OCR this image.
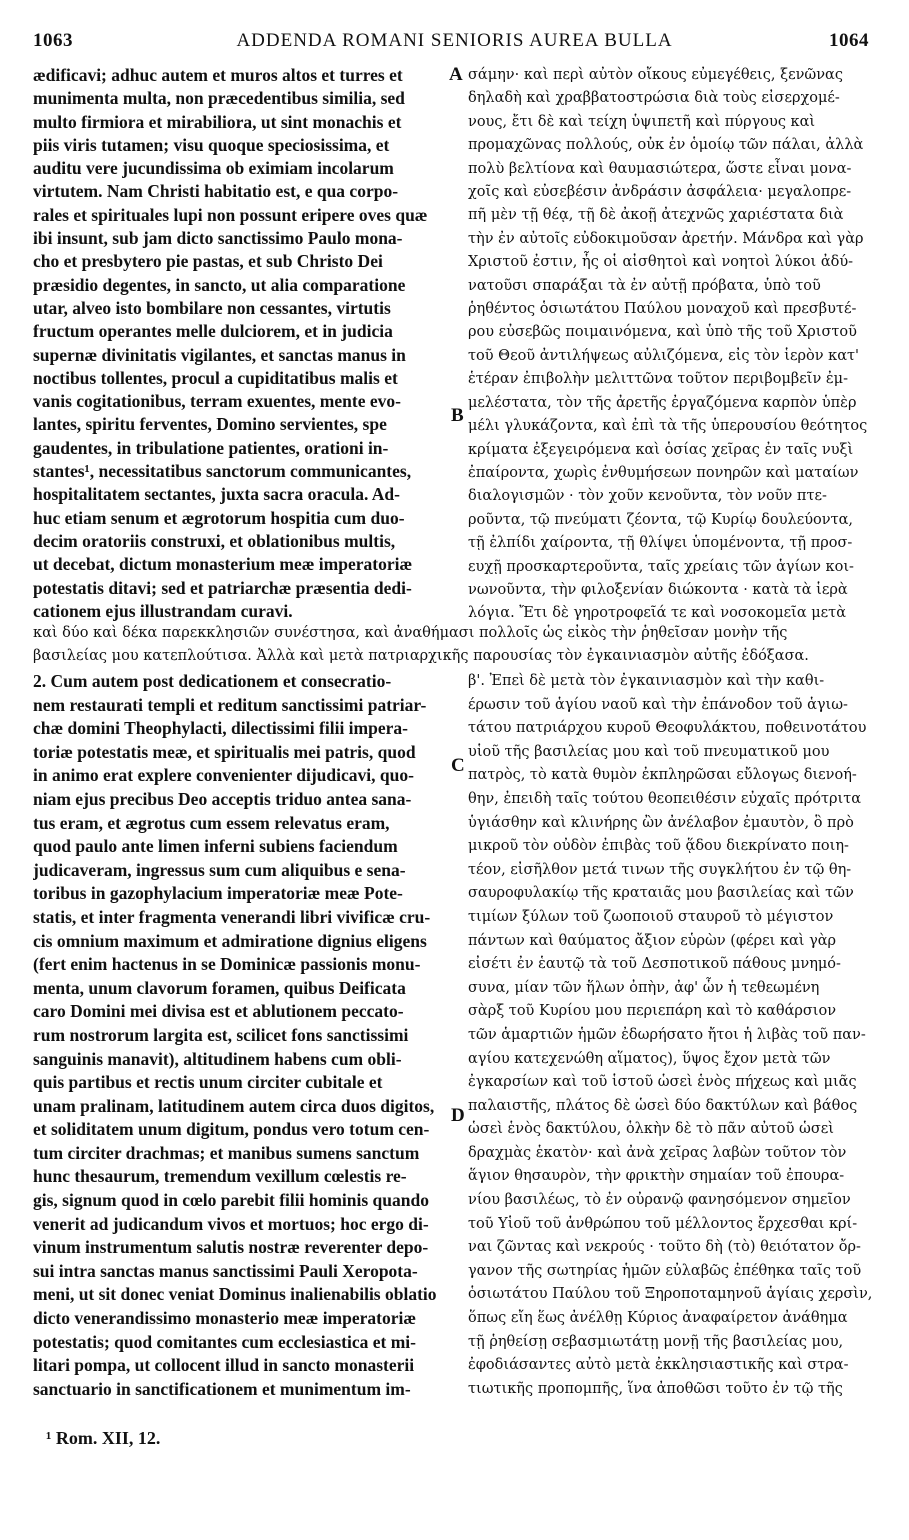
1063	ADDENDA ROMANI SENIORIS AUREA BULLA	1064
A
B
C
D
ædificavi; adhuc autem et muros altos et turres et
munimenta multa, non præcedentibus similia, sed
multo firmiora et mirabiliora, ut sint monachis et
piis viris tutamen; visu quoque speciosissima, et
auditu vere jucundissima ob eximiam incolarum
virtutem. Nam Christi habitatio est, e qua corpo-
rales et spirituales lupi non possunt eripere oves quæ
ibi insunt, sub jam dicto sanctissimo Paulo mona-
cho et presbytero pie pastas, et sub Christo Dei
præsidio degentes, in sancto, ut alia comparatione
utar, alveo isto bombilare non cessantes, virtutis
fructum operantes melle dulciorem, et in judicia
supernæ divinitatis vigilantes, et sanctas manus in
noctibus tollentes, procul a cupiditatibus malis et
vanis cogitationibus, terram exuentes, mente evo-
lantes, spiritu ferventes, Domino servientes, spe
gaudentes, in tribulatione patientes, orationi in-
stantes¹, necessitatibus sanctorum communicantes,
hospitalitatem sectantes, juxta sacra oracula. Ad-
huc etiam senum et ægrotorum hospitia cum duo-
decim oratoriis construxi, et oblationibus multis,
ut decebat, dictum monasterium meæ imperatoriæ
potestatis ditavi; sed et patriarchæ præsentia dedi-
cationem ejus illustrandam curavi.
σάμην· καὶ περὶ αὐτὸν οἴκους εὐμεγέθεις, ξενῶνας
δηλαδὴ καὶ χραββατοστρώσια διὰ τοὺς εἰσερχομέ-
νους, ἔτι δὲ καὶ τείχη ὑψιπετῆ καὶ πύργους καὶ
προμαχῶνας πολλούς, οὐκ ἐν ὁμοίῳ τῶν πάλαι, ἀλλὰ
πολὺ βελτίονα καὶ θαυμασιώτερα, ὥστε εἶναι μονα-
χοῖς καὶ εὐσεβέσιν ἀνδράσιν ἀσφάλεια· μεγαλοπρε-
πῆ μὲν τῇ θέᾳ, τῇ δὲ ἀκοῇ ἀτεχνῶς χαριέστατα διὰ
τὴν ἐν αὐτοῖς εὐδοκιμοῦσαν ἀρετήν. Μάνδρα καὶ γὰρ
Χριστοῦ ἐστιν, ἧς οἱ αἰσθητοὶ καὶ νοητοὶ λύκοι ἀδύ-
νατοῦσι σπαράξαι τὰ ἐν αὐτῇ πρόβατα, ὑπὸ τοῦ
ῥηθέντος ὁσιωτάτου Παύλου μοναχοῦ καὶ πρεσβυτέ-
ρου εὐσεβῶς ποιμαινόμενα, καὶ ὑπὸ τῆς τοῦ Χριστοῦ
τοῦ Θεοῦ ἀντιλήψεως αὐλιζόμενα, εἰς τὸν ἱερὸν κατ'
ἑτέραν ἐπιβολὴν μελιττῶνα τοῦτον περιβομβεῖν ἐμ-
μελέστατα, τὸν τῆς ἀρετῆς ἐργαζόμενα καρπὸν ὑπὲρ
μέλι γλυκάζοντα, καὶ ἐπὶ τὰ τῆς ὑπερουσίου θεότητος
κρίματα ἐξεγειρόμενα καὶ ὁσίας χεῖρας ἐν ταῖς νυξὶ
ἐπαίροντα, χωρὶς ἐνθυμήσεων πονηρῶν καὶ ματαίων
διαλογισμῶν · τὸν χοῦν κενοῦντα, τὸν νοῦν πτε-
ροῦντα, τῷ πνεύματι ζέοντα, τῷ Κυρίῳ δουλεύοντα,
τῇ ἐλπίδι χαίροντα, τῇ θλίψει ὑπομένοντα, τῇ προσ-
ευχῇ προσκαρτεροῦντα, ταῖς χρείαις τῶν ἁγίων κοι-
νωνοῦντα, τὴν φιλοξενίαν διώκοντα · κατὰ τὰ ἱερὰ
λόγια. Ἔτι δὲ γηροτροφεῖά τε καὶ νοσοκομεῖα μετὰ
καὶ δύο καὶ δέκα παρεκκλησιῶν συνέστησα, καὶ ἀναθήμασι πολλοῖς ὡς εἰκὸς τὴν ῥηθεῖσαν μονὴν τῆς
βασιλείας μου κατεπλούτισα. Ἀλλὰ καὶ μετὰ πατριαρχικῆς παρουσίας τὸν ἐγκαινιασμὸν αὐτῆς ἐδόξασα.
2. Cum autem post dedicationem et consecratio-
nem restaurati templi et reditum sanctissimi patriar-
chæ domini Theophylacti, dilectissimi filii impera-
toriæ potestatis meæ, et spiritualis mei patris, quod
in animo erat explere convenienter dijudicavi, quo-
niam ejus precibus Deo acceptis triduo antea sana-
tus eram, et ægrotus cum essem relevatus eram,
quod paulo ante limen inferni subiens faciendum
judicaveram, ingressus sum cum aliquibus e sena-
toribus in gazophylacium imperatoriæ meæ Pote-
statis, et inter fragmenta venerandi libri vivificæ cru-
cis omnium maximum et admiratione dignius eligens
(fert enim hactenus in se Dominicæ passionis monu-
menta, unum clavorum foramen, quibus Deificata
caro Domini mei divisa est et ablutionem peccato-
rum nostrorum largita est, scilicet fons sanctissimi
sanguinis manavit), altitudinem habens cum obli-
quis partibus et rectis unum circiter cubitale et
unam pralinam, latitudinem autem circa duos digitos,
et soliditatem unum digitum, pondus vero totum cen-
tum circiter drachmas; et manibus sumens sanctum
hunc thesaurum, tremendum vexillum cœlestis re-
gis, signum quod in cœlo parebit filii hominis quando
venerit ad judicandum vivos et mortuos; hoc ergo di-
vinum instrumentum salutis nostræ reverenter depo-
sui intra sanctas manus sanctissimi Pauli Xeropota-
meni, ut sit donec veniat Dominus inalienabilis oblatio
dicto venerandissimo monasterio meæ imperatoriæ
potestatis; quod comitantes cum ecclesiastica et mi-
litari pompa, ut collocent illud in sancto monasterii
sanctuario in sanctificationem et munimentum im-
β'. Ἐπεὶ δὲ μετὰ τὸν ἐγκαινιασμὸν καὶ τὴν καθι-
έρωσιν τοῦ ἁγίου ναοῦ καὶ τὴν ἐπάνοδον τοῦ ἁγιω-
τάτου πατριάρχου κυροῦ Θεοφυλάκτου, ποθεινοτάτου
υἱοῦ τῆς βασιλείας μου καὶ τοῦ πνευματικοῦ μου
πατρὸς, τὸ κατὰ θυμὸν ἐκπληρῶσαι εὔλογως διενοή-
θην, ἐπειδὴ ταῖς τούτου θεοπειθέσιν εὐχαῖς πρότριτα
ὑγιάσθην καὶ κλινήρης ὢν ἀνέλαβον ἐμαυτὸν, ὃ πρὸ
μικροῦ τὸν οὐδὸν ἐπιβὰς τοῦ ᾅδου διεκρίνατο ποιη-
τέον, εἰσῆλθον μετά τινων τῆς συγκλήτου ἐν τῷ θη-
σαυροφυλακίῳ τῆς κραταιᾶς μου βασιλείας καὶ τῶν
τιμίων ξύλων τοῦ ζωοποιοῦ σταυροῦ τὸ μέγιστον
πάντων καὶ θαύματος ἄξιον εὑρὼν (φέρει καὶ γὰρ
εἰσέτι ἐν ἑαυτῷ τὰ τοῦ Δεσποτικοῦ πάθους μνημό-
συνα, μίαν τῶν ἥλων ὀπὴν, ἀφ' ὧν ἡ τεθεωμένη
σὰρξ τοῦ Κυρίου μου περιεπάρη καὶ τὸ καθάρσιον
τῶν ἁμαρτιῶν ἡμῶν ἐδωρήσατο ἤτοι ἡ λιβὰς τοῦ παν-
αγίου κατεχενώθη αἵματος), ὕψος ἔχον μετὰ τῶν
ἐγκαρσίων καὶ τοῦ ἱστοῦ ὡσεὶ ἑνὸς πήχεως καὶ μιᾶς
παλαιστῆς, πλάτος δὲ ὡσεὶ δύο δακτύλων καὶ βάθος
ὡσεὶ ἑνὸς δακτύλου, ὁλκὴν δὲ τὸ πᾶν αὐτοῦ ὡσεὶ
δραχμὰς ἑκατὸν· καὶ ἀνὰ χεῖρας λαβὼν τοῦτον τὸν
ἅγιον θησαυρὸν, τὴν φρικτὴν σημαίαν τοῦ ἐπουρα-
νίου βασιλέως, τὸ ἐν οὐρανῷ φανησόμενον σημεῖον
τοῦ Υἱοῦ τοῦ ἀνθρώπου τοῦ μέλλοντος ἔρχεσθαι κρί-
ναι ζῶντας καὶ νεκρούς · τοῦτο δὴ (τὸ) θειότατον ὄρ-
γανον τῆς σωτηρίας ἡμῶν εὐλαβῶς ἐπέθηκα ταῖς τοῦ
ὁσιωτάτου Παύλου τοῦ Ξηροποταμηνοῦ ἁγίαις χερσὶν,
ὅπως εἴη ἕως ἀνέλθῃ Κύριος ἀναφαίρετον ἀνάθημα
τῇ ῥηθείσῃ σεβασμιωτάτῃ μονῇ τῆς βασιλείας μου,
ἐφοδιάσαντες αὐτὸ μετὰ ἐκκλησιαστικῆς καὶ στρα-
τιωτικῆς προπομπῆς, ἵνα ἀποθῶσι τοῦτο ἐν τῷ τῆς
¹ Rom. XII, 12.
